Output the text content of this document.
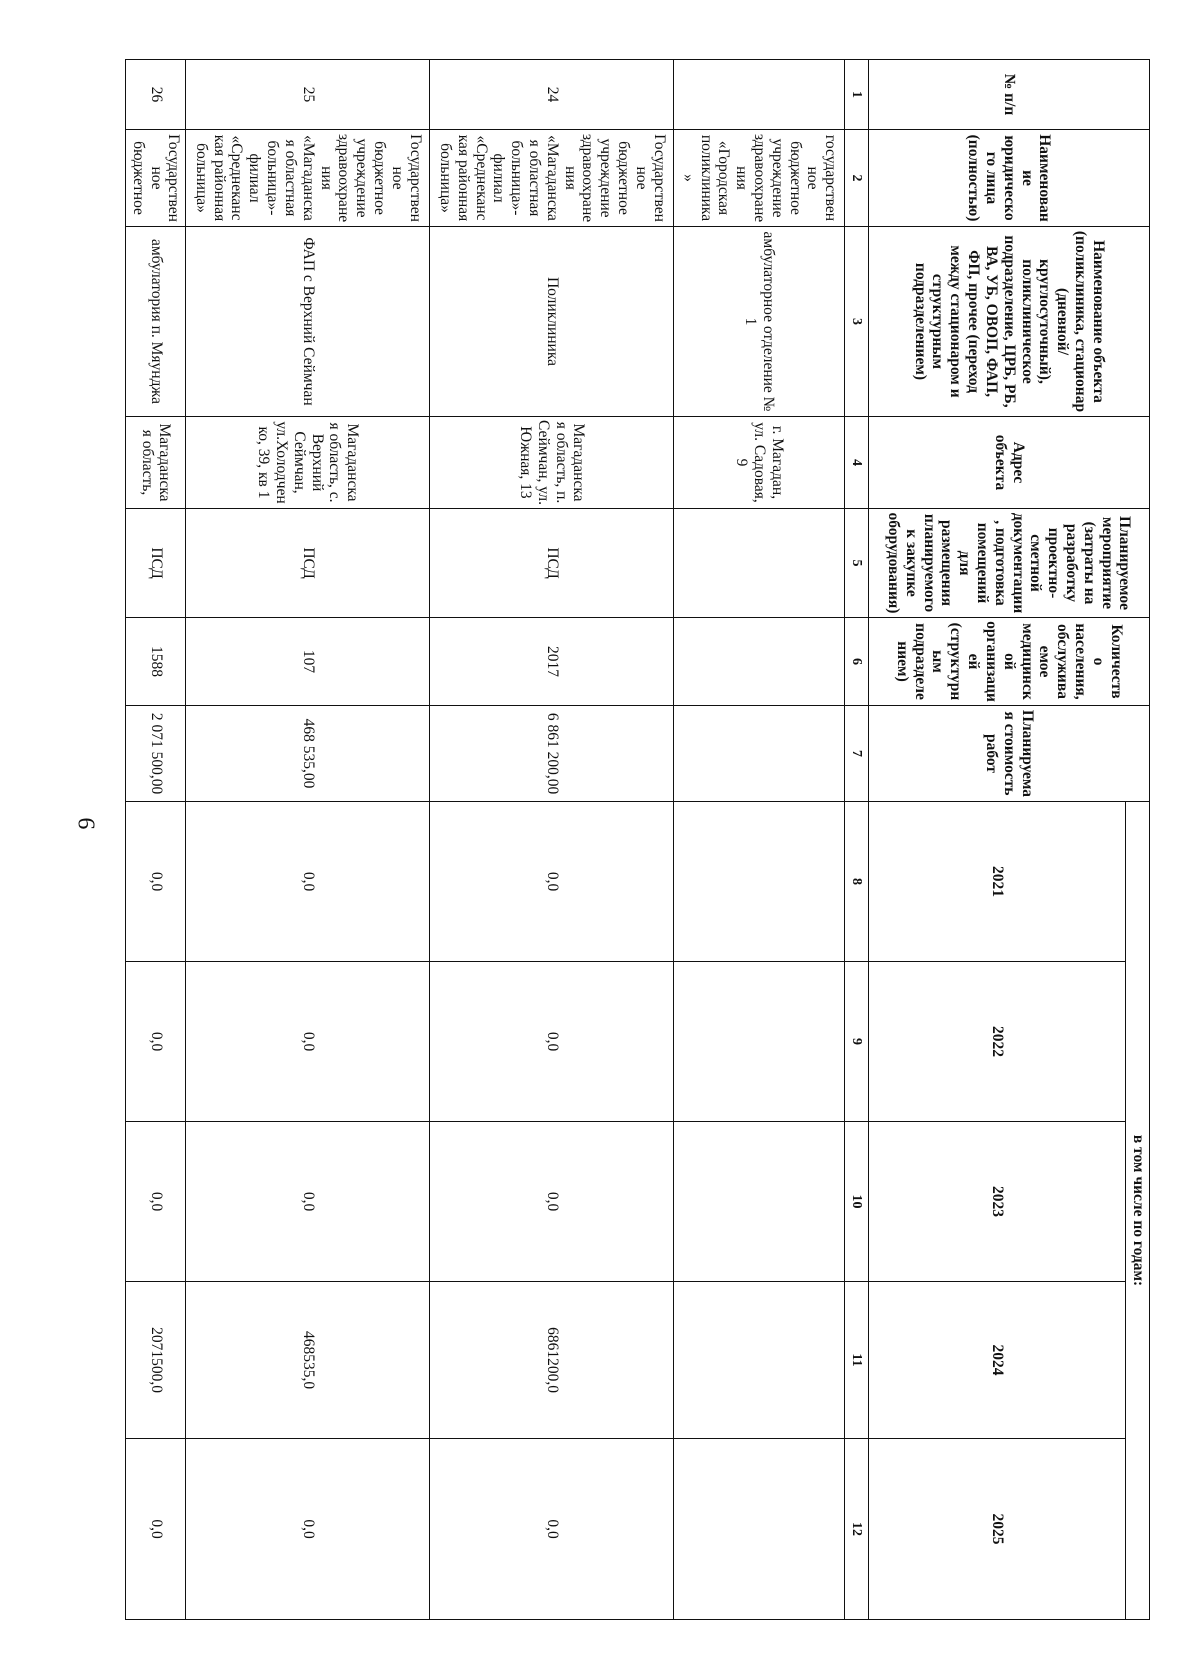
9
№ п/п	Наименование юридического лица (полностью)	Наименование объекта (поликлиника, стационар (дневной/круглосуточный), поликлиническое подразделение, ЦРБ, РБ, ВА, УБ, ОВОП, ФАП, ФП, прочее (переход между стационаром и структурным подразделением)	Адрес объекта	Планируемое мероприятие (затраты на разработку проектно-сметной документации, подготовка помещений для размещения планируемого к закупке оборудования)	Количество населения, обслуживаемое медицинской организацией (структурным подразделением)	Планируемая стоимость работ	в том числе по годам:				
							2021	2022	2023	2024	2025
1	2	3	4	5	6	7	8	9	10	11	12
	государственное бюджетное учреждение здравоохранения «Городская поликлиника»	амбулаторное отделение № 1	г. Магадан, ул. Садовая, 9								
24	Государственное бюджетное учреждение здравоохранения «Магаданская областная больница»- филиал «Среднеканская районная больница»	Поликлиника	Магаданская область, п. Сеймчан, ул. Южная, 13	ПСД	2017	6 861 200,00	0,0	0,0	0,0	6861200,0	0,0
25	Государственное бюджетное учреждение здравоохранения «Магаданская областная больница»- филиал «Среднеканская районная больница»	ФАП с Верхний Сеймчан	Магаданская область, с. Верхний Сеймчан, ул.Холодченко, 39, кв 1	ПСД	107	468 535,00	0,0	0,0	0,0	468535,0	0,0
26	Государственное бюджетное	амбулатория п. Мяунджа	Магаданская область,	ПСД	1588	2 071 500,00	0,0	0,0	0,0	2071500,0	0,0
